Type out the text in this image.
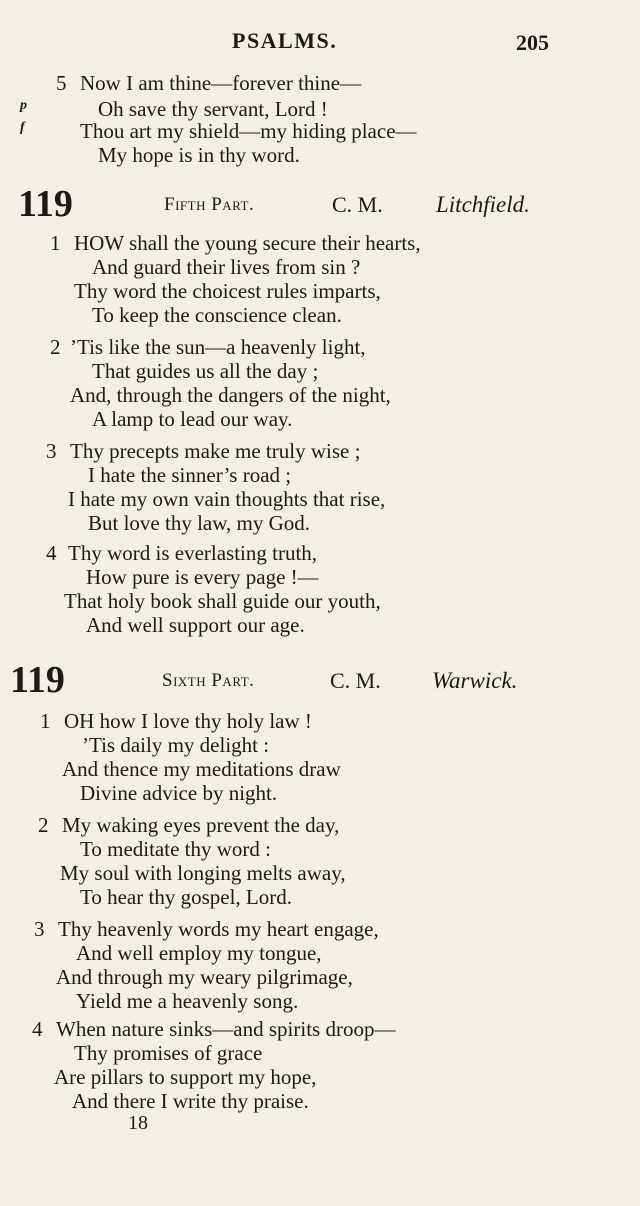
PSALMS.	205
5 Now I am thine—forever thine—
p	Oh save thy servant, Lord !
f	Thou art my shield—my hiding place—
My hope is in thy word.
119	Fifth Part.	C. M. Litchfield.
1 HOW shall the young secure their hearts,
And guard their lives from sin ?
Thy word the choicest rules imparts,
To keep the conscience clean.
2 ’Tis like the sun—a heavenly light,
That guides us all the day ;
And, through the dangers of the night,
A lamp to lead our way.
3 Thy precepts make me truly wise ;
I hate the sinner’s road ;
I hate my own vain thoughts that rise,
But love thy law, my God.
4 Thy word is everlasting truth,
How pure is every page !—
That holy book shall guide our youth,
And well support our age.
119	Sixth Part.	C. M. Warwick.
1 OH how I love thy holy law !
’Tis daily my delight :
And thence my meditations draw
Divine advice by night.
2 My waking eyes prevent the day,
To meditate thy word :
My soul with longing melts away,
To hear thy gospel, Lord.
3 Thy heavenly words my heart engage,
And well employ my tongue,
And through my weary pilgrimage,
Yield me a heavenly song.
4 When nature sinks—and spirits droop—
Thy promises of grace
Are pillars to support my hope,
And there I write thy praise.
18
